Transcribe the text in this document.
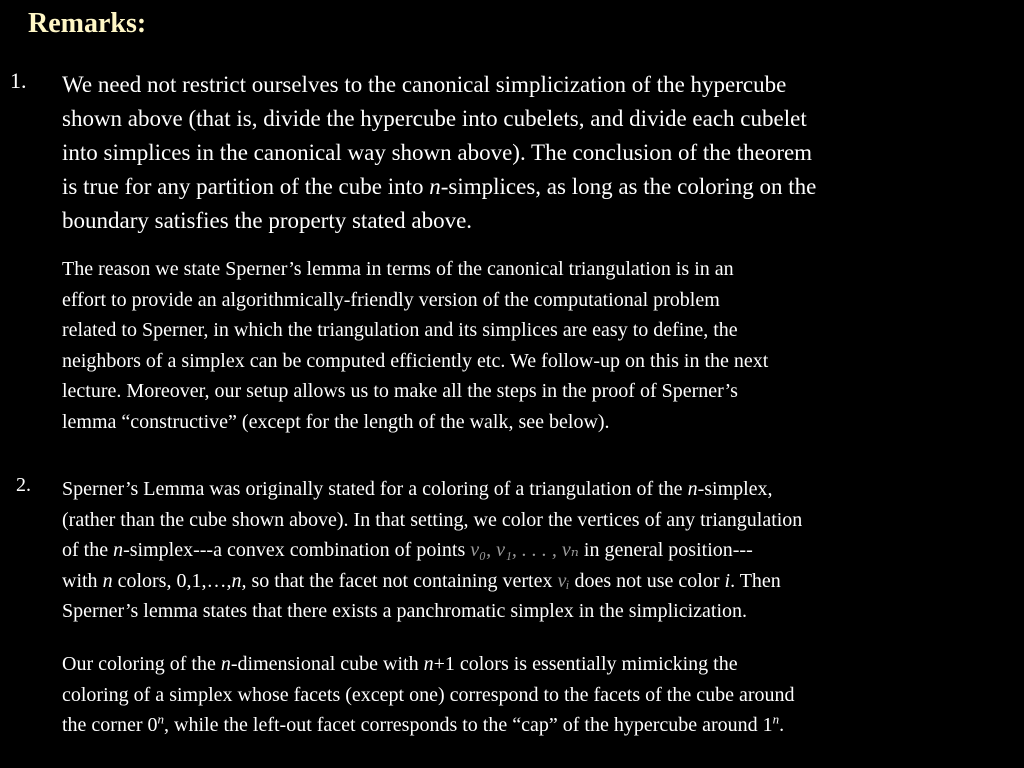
Remarks:
1. We need not restrict ourselves to the canonical simplicization of the hypercube
shown above (that is, divide the hypercube into cubelets, and divide each cubelet
into simplices in the canonical way shown above). The conclusion of the theorem
is true for any partition of the cube into n-simplices, as long as the coloring on the
boundary satisfies the property stated above.
The reason we state Sperner’s lemma in terms of the canonical triangulation is in an
effort to provide an algorithmically-friendly version of the computational problem
related to Sperner, in which the triangulation and its simplices are easy to define, the
neighbors of a simplex can be computed efficiently etc. We follow-up on this in the next
lecture. Moreover, our setup allows us to make all the steps in the proof of Sperner’s
lemma “constructive” (except for the length of the walk, see below).
2. Sperner’s Lemma was originally stated for a coloring of a triangulation of the n-simplex,
(rather than the cube shown above). In that setting, we color the vertices of any triangulation
of the n-simplex---a convex combination of points v₀, v₁, . . . , vₙ in general position---
with n colors, 0,1,…,n, so that the facet not containing vertex vᵢ does not use color i. Then
Sperner’s lemma states that there exists a panchromatic simplex in the simplicization.
Our coloring of the n-dimensional cube with n+1 colors is essentially mimicking the
coloring of a simplex whose facets (except one) correspond to the facets of the cube around
the corner 0$^n$, while the left-out facet corresponds to the “cap” of the hypercube around 1$^n$.
